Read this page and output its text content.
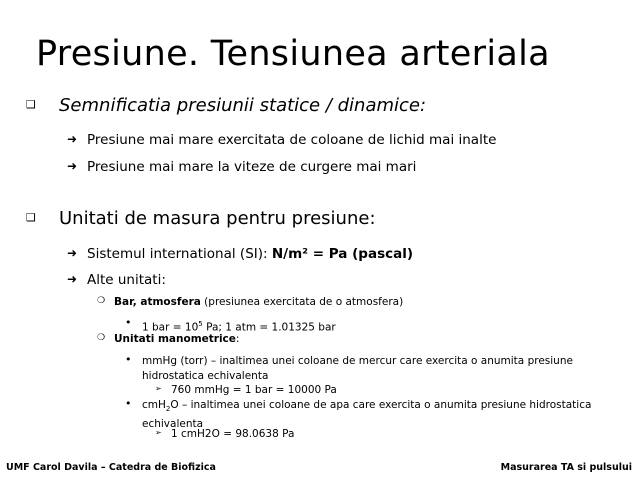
Presiune. Tensiunea arteriala
❑ Semnificatia presiunii statice / dinamice:
➜ Presiune mai mare exercitata de coloane de lichid mai inalte
➜ Presiune mai mare la viteze de curgere mai mari
❑ Unitati de masura pentru presiune:
➜ Sistemul international (SI): N/m² = Pa (pascal)
➜ Alte unitati:
❍ Bar, atmosfera (presiunea exercitata de o atmosfera)
• 1 bar = $10^5$ Pa; 1 atm = 1.01325 bar
❍ Unitati manometrice:
• mmHg (torr) – inaltimea unei coloane de mercur care exercita o anumita presiune hidrostatica echivalenta
➢ 760 mmHg = 1 bar = 10000 Pa
• cmH$_2$O – inaltimea unei coloane de apa care exercita o anumita presiune hidrostatica echivalenta
➢ 1 cmH2O = 98.0638 Pa
UMF Carol Davila – Catedra de Biofizica	Masurarea TA si pulsului
